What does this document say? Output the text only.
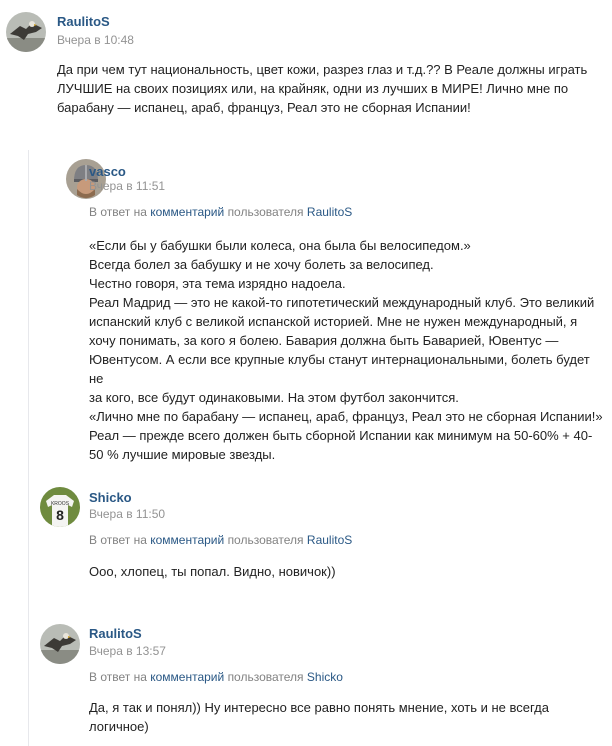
RaulitoS
Вчера в 10:48

Да при чем тут национальность, цвет кожи, разрез глаз и т.д.?? В Реале должны играть

ЛУЧШИЕ на своих позициях или, на крайняк, одни из лучших в МИРЕ! Лично мне по

барабану — испанец, араб, француз, Реал это не сборная Испании!

vasco
Вчера в 11:51
В ответ на комментарий пользователя RaulitoS

«Если бы у бабушки были колеса, она была бы велосипедом.»

Всегда болел за бабушку и не хочу болеть за велосипед.

Честно говоря, эта тема изрядно надоела.

Реал Мадрид — это не какой-то гипотетический международный клуб. Это великий

испанский клуб с великой испанской историей. Мне не нужен международный, я

хочу понимать, за кого я болею. Бавария должна быть Баварией, Ювентус —

Ювентусом. А если все крупные клубы станут интернациональными, болеть будет не

за кого, все будут одинаковыми. На этом футбол закончится.

«Лично мне по барабану — испанец, араб, француз, Реал это не сборная Испании!»

Реал — прежде всего должен быть сборной Испании как минимум на 50-60% + 40-

50 % лучшие мировые звезды.

KROOS
8
Shicko
Вчера в 11:50
В ответ на комментарий пользователя RaulitoS

Ооо, хлопец, ты попал. Видно, новичок))

RaulitoS
Вчера в 13:57
В ответ на комментарий пользователя Shicko

Да, я так и понял)) Ну интересно все равно понять мнение, хоть и не всегда

логичное)
